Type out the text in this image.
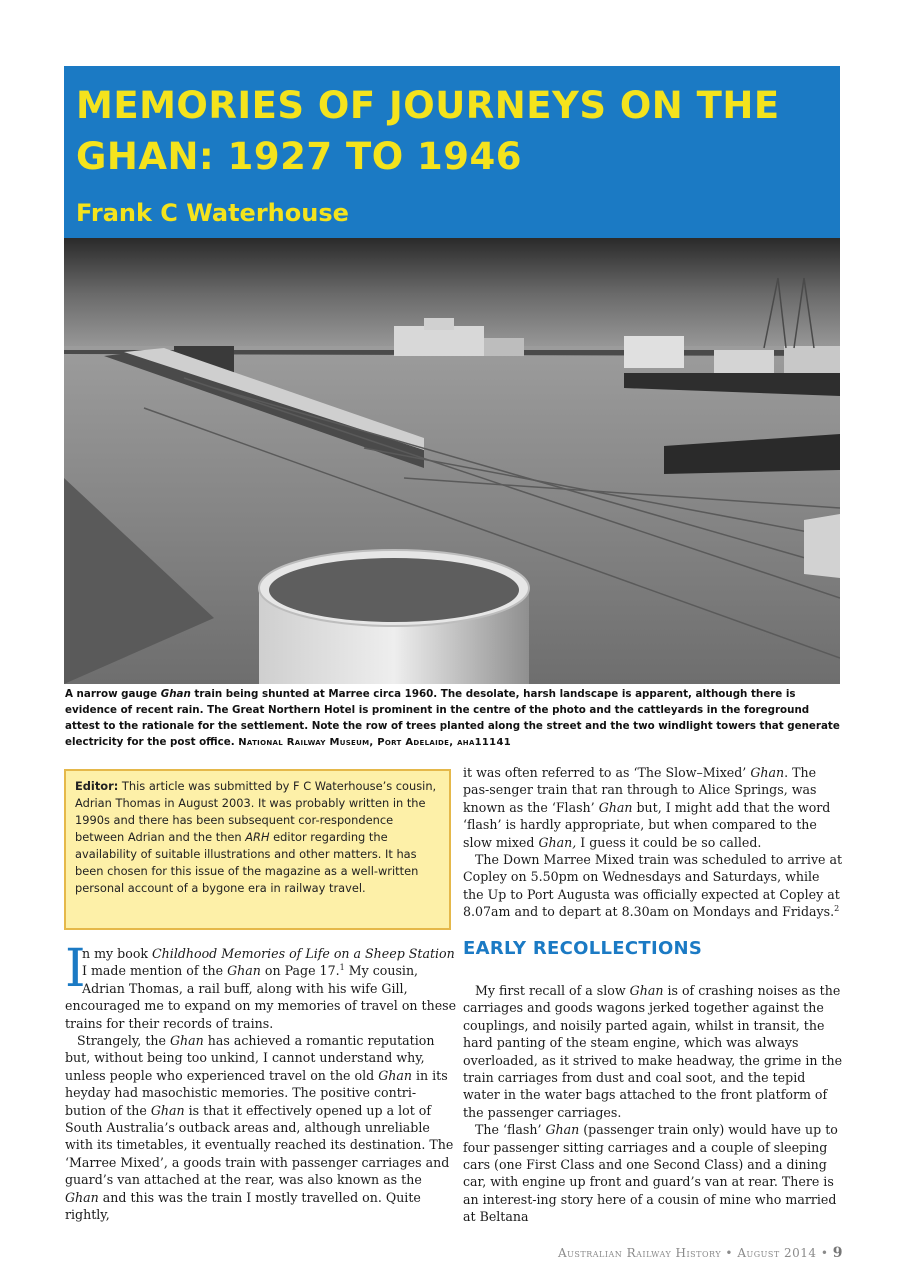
MEMORIES OF JOURNEYS ON THE GHAN: 1927 TO 1946
Frank C Waterhouse
A narrow gauge Ghan train being shunted at Marree circa 1960. The desolate, harsh landscape is apparent, although there is evidence of recent rain. The Great Northern Hotel is prominent in the centre of the photo and the cattleyards in the foreground attest to the rationale for the settlement. Note the row of trees planted along the street and the two windlight towers that generate electricity for the post office. National Railway Museum, Port Adelaide, aha11141
Editor: This article was submitted by F C Waterhouse’s cousin, Adrian Thomas in August 2003. It was probably written in the 1990s and there has been subsequent cor-respondence between Adrian and the then ARH editor regarding the availability of suitable illustrations and other matters. It has been chosen for this issue of the magazine as a well-written personal account of a bygone era in railway travel.
I
n my book Childhood Memories of Life on a Sheep Station
I made mention of the Ghan on Page 17.$^1$ My cousin,
Adrian Thomas, a rail buff, along with his wife Gill,

encouraged me to expand on my memories of travel on these trains for their records of trains.

Strangely, the Ghan has achieved a romantic reputation but, without being too unkind, I cannot understand why, unless people who experienced travel on the old Ghan in its heyday had masochistic memories. The positive contri-bution of the Ghan is that it effectively opened up a lot of South Australia’s outback areas and, although unreliable with its timetables, it eventually reached its destination. The ‘Marree Mixed’, a goods train with passenger carriages and guard’s van attached at the rear, was also known as the Ghan and this was the train I mostly travelled on. Quite rightly,

it was often referred to as ‘The Slow–Mixed’ Ghan. The pas-senger train that ran through to Alice Springs, was known as the ‘Flash’ Ghan but, I might add that the word ‘flash’ is hardly appropriate, but when compared to the slow mixed Ghan, I guess it could be so called.

The Down Marree Mixed train was scheduled to arrive at Copley on 5.50pm on Wednesdays and Saturdays, while the Up to Port Augusta was officially expected at Copley at 8.07am and to depart at 8.30am on Mondays and Fridays.$^2$

EARLY RECOLLECTIONS

My first recall of a slow Ghan is of crashing noises as the carriages and goods wagons jerked together against the couplings, and noisily parted again, whilst in transit, the hard panting of the steam engine, which was always overloaded, as it strived to make headway, the grime in the train carriages from dust and coal soot, and the tepid water in the water bags attached to the front platform of the passenger carriages.

The ‘flash’ Ghan (passenger train only) would have up to four passenger sitting carriages and a couple of sleeping cars (one First Class and one Second Class) and a dining car, with engine up front and guard’s van at rear. There is an interest-ing story here of a cousin of mine who married at Beltana

Australian Railway History • August 2014 • 9
